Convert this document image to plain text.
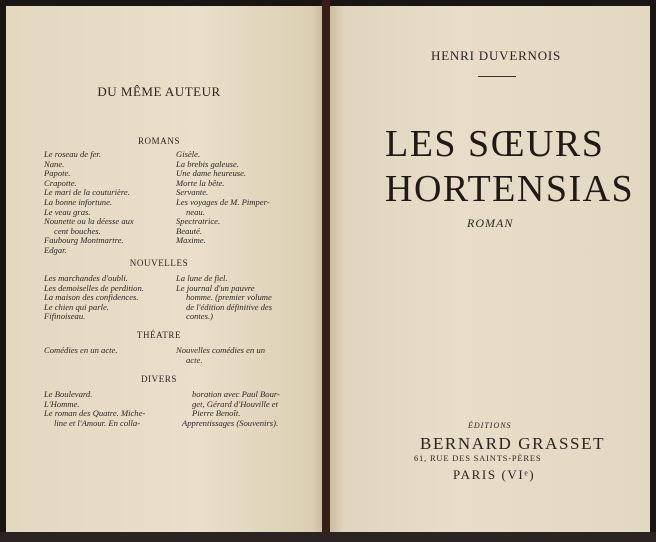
DU MÊME AUTEUR
ROMANS
Le roseau de fer.
Nane.
Papote.
Crapotte.
Le mari de la couturière.
La bonne infortune.
Le veau gras.
Nounette ou la déesse aux
cent bouches.
Faubourg Montmartre.
Edgar.
Gisèle.
La brebis galeuse.
Une dame heureuse.
Morte la bête.
Servante.
Les voyages de M. Pimper-
neau.
Spectratrice.
Beauté.
Maxime.
NOUVELLES
Les marchandes d'oubli.
Les demoiselles de perdition.
La maison des confidences.
Le chien qui parle.
Fifinoiseau.
La lune de fiel.
Le journal d'un pauvre
homme. (premier volume
de l'édition définitive des
contes.)
THÉATRE
Comédies en un acte.	Nouvelles comédies en un
acte.
DIVERS
Le Boulevard.
L'Homme.
Le roman des Quatre. Miche-
line et l'Amour. En colla-
boration avec Paul Bour-
get, Gérard d'Houville et
Pierre Benoît.
Apprentissages (Souvenirs).
HENRI DUVERNOIS
LES SŒURS
HORTENSIAS
ROMAN
ÉDITIONS
BERNARD GRASSET
61, RUE DES SAINTS-PÈRES
PARIS (VIᵉ)
